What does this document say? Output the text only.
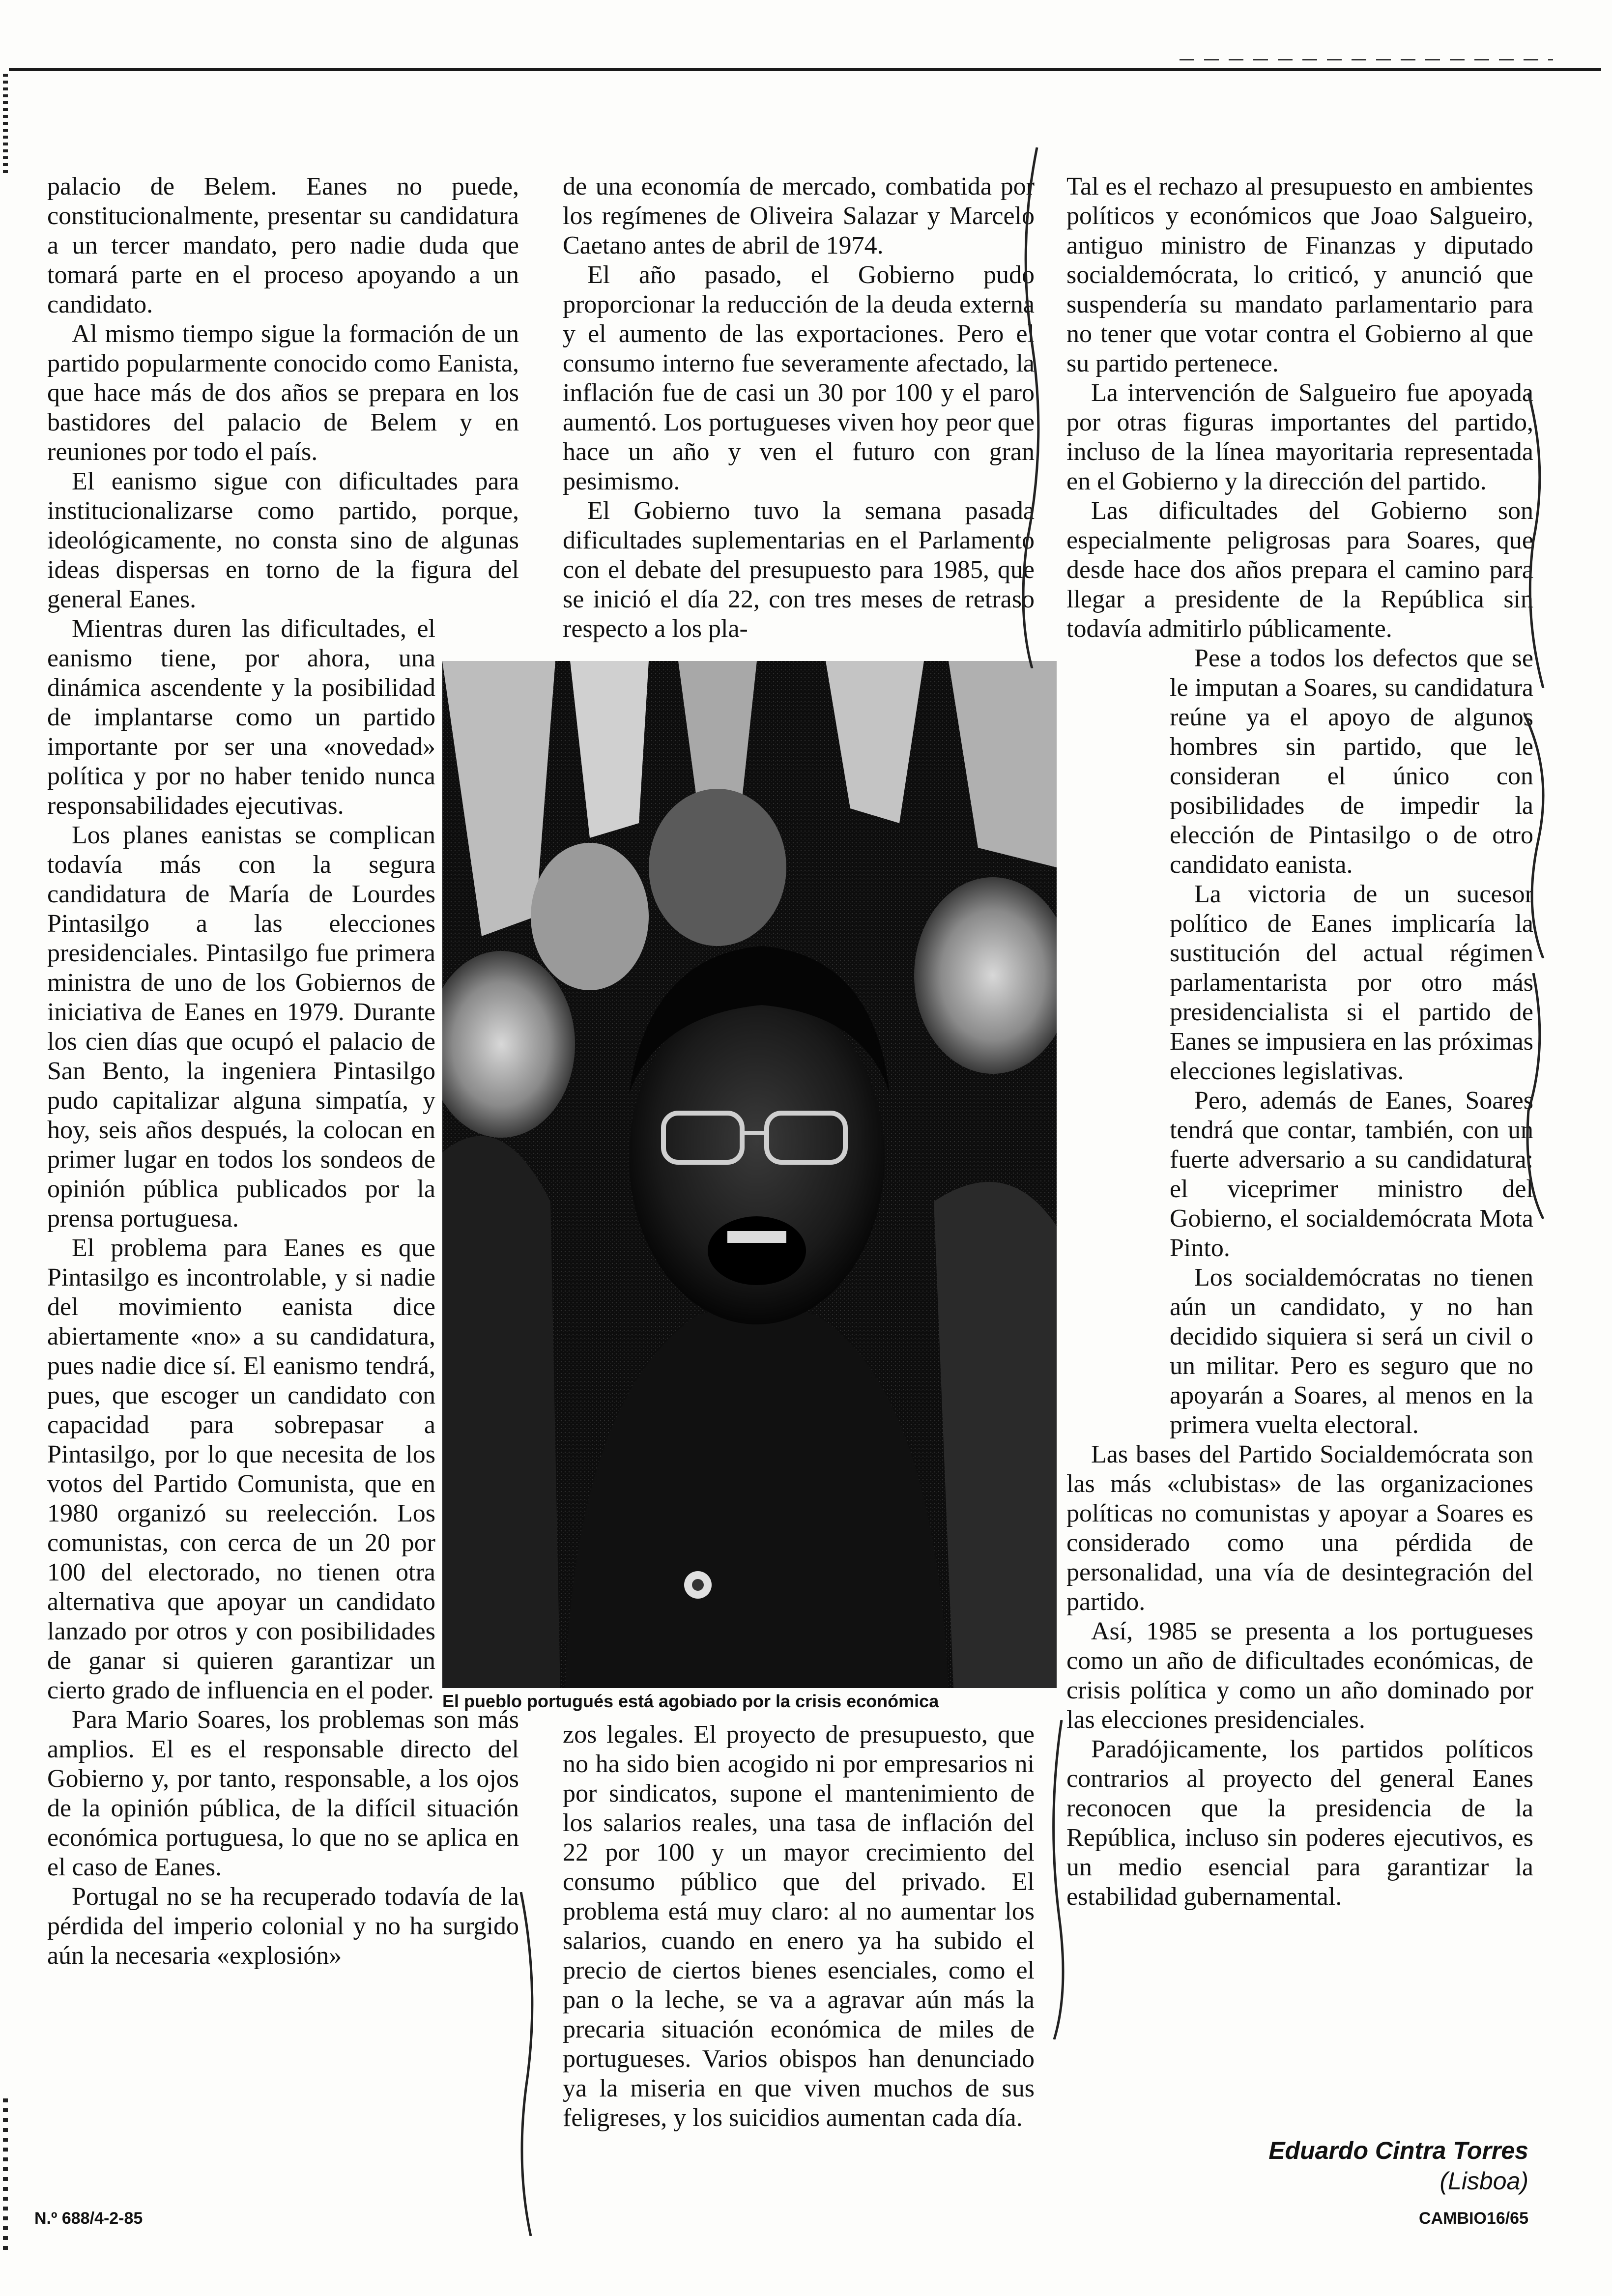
palacio de Belem. Eanes no puede, constitucionalmente, presentar su candidatura a un tercer mandato, pero nadie duda que tomará parte en el proceso apoyando a un candidato.

Al mismo tiempo sigue la formación de un partido popularmente conocido como Eanista, que hace más de dos años se prepara en los bastidores del palacio de Belem y en reuniones por todo el país.

El eanismo sigue con dificultades para institucionalizarse como partido, porque, ideológicamente, no consta sino de algunas ideas dispersas en torno de la figura del general Eanes.

Mientras duren las dificultades, el eanismo tiene, por ahora, una dinámica ascendente y la posibilidad de implantarse como un partido importante por ser una «novedad» política y por no haber tenido nunca responsabilidades ejecutivas.

Los planes eanistas se complican todavía más con la segura candidatura de María de Lourdes Pintasilgo a las elecciones presidenciales. Pintasilgo fue primera ministra de uno de los Gobiernos de iniciativa de Eanes en 1979. Durante los cien días que ocupó el palacio de San Bento, la ingeniera Pintasilgo pudo capitalizar alguna simpatía, y hoy, seis años después, la colocan en primer lugar en todos los sondeos de opinión pública publicados por la prensa portuguesa.

El problema para Eanes es que Pintasilgo es incontrolable, y si nadie del movimiento eanista dice abiertamente «no» a su candidatura, pues nadie dice sí. El eanismo tendrá, pues, que escoger un candidato con capacidad para sobrepasar a Pintasilgo, por lo que necesita de los votos del Partido Comunista, que en 1980 organizó su reelección. Los comunistas, con cerca de un 20 por 100 del electorado, no tienen otra alternativa que apoyar un candidato lanzado por otros y con posibilidades de ganar si quieren garantizar un cierto grado de influencia en el poder.

Para Mario Soares, los problemas son más amplios. El es el responsable directo del Gobierno y, por tanto, responsable, a los ojos de la opinión pública, de la difícil situación económica portuguesa, lo que no se aplica en el caso de Eanes.

Portugal no se ha recuperado todavía de la pérdida del imperio colonial y no ha surgido aún la necesaria «explosión»

de una economía de mercado, combatida por los regímenes de Oliveira Salazar y Marcelo Caetano antes de abril de 1974.

El año pasado, el Gobierno pudo proporcionar la reducción de la deuda externa y el aumento de las exportaciones. Pero el consumo interno fue severamente afectado, la inflación fue de casi un 30 por 100 y el paro aumentó. Los portugueses viven hoy peor que hace un año y ven el futuro con gran pesimismo.

El Gobierno tuvo la semana pasada dificultades suplementarias en el Parlamento con el debate del presupuesto para 1985, que se inició el día 22, con tres meses de retraso respecto a los pla-

El pueblo portugués está agobiado por la crisis económica

zos legales. El proyecto de presupuesto, que no ha sido bien acogido ni por empresarios ni por sindicatos, supone el mantenimiento de los salarios reales, una tasa de inflación del 22 por 100 y un mayor crecimiento del consumo público que del privado. El problema está muy claro: al no aumentar los salarios, cuando en enero ya ha subido el precio de ciertos bienes esenciales, como el pan o la leche, se va a agravar aún más la precaria situación económica de miles de portugueses. Varios obispos han denunciado ya la miseria en que viven muchos de sus feligreses, y los suicidios aumentan cada día.

Tal es el rechazo al presupuesto en ambientes políticos y económicos que Joao Salgueiro, antiguo ministro de Finanzas y diputado socialdemócrata, lo criticó, y anunció que suspendería su mandato parlamentario para no tener que votar contra el Gobierno al que su partido pertenece.

La intervención de Salgueiro fue apoyada por otras figuras importantes del partido, incluso de la línea mayoritaria representada en el Gobierno y la dirección del partido.

Las dificultades del Gobierno son especialmente peligrosas para Soares, que desde hace dos años prepara el camino para llegar a presidente de la República sin todavía admitirlo públicamente.

Pese a todos los defectos que se le imputan a Soares, su candidatura reúne ya el apoyo de algunos hombres sin partido, que le consideran el único con posibilidades de impedir la elección de Pintasilgo o de otro candidato eanista.

La victoria de un sucesor político de Eanes implicaría la sustitución del actual régimen parlamentarista por otro más presidencialista si el partido de Eanes se impusiera en las próximas elecciones legislativas.

Pero, además de Eanes, Soares tendrá que contar, también, con un fuerte adversario a su candidatura: el viceprimer ministro del Gobierno, el socialdemócrata Mota Pinto.

Los socialdemócratas no tienen aún un candidato, y no han decidido siquiera si será un civil o un militar. Pero es seguro que no apoyarán a Soares, al menos en la primera vuelta electoral.

Las bases del Partido Socialdemócrata son las más «clubistas» de las organizaciones políticas no comunistas y apoyar a Soares es considerado como una pérdida de personalidad, una vía de desintegración del partido.

Así, 1985 se presenta a los portugueses como un año de dificultades económicas, de crisis política y como un año dominado por las elecciones presidenciales.

Paradójicamente, los partidos políticos contrarios al proyecto del general Eanes reconocen que la presidencia de la República, incluso sin poderes ejecutivos, es un medio esencial para garantizar la estabilidad gubernamental.

Eduardo Cintra Torres
(Lisboa)
N.º 688/4-2-85	CAMBIO16/65
